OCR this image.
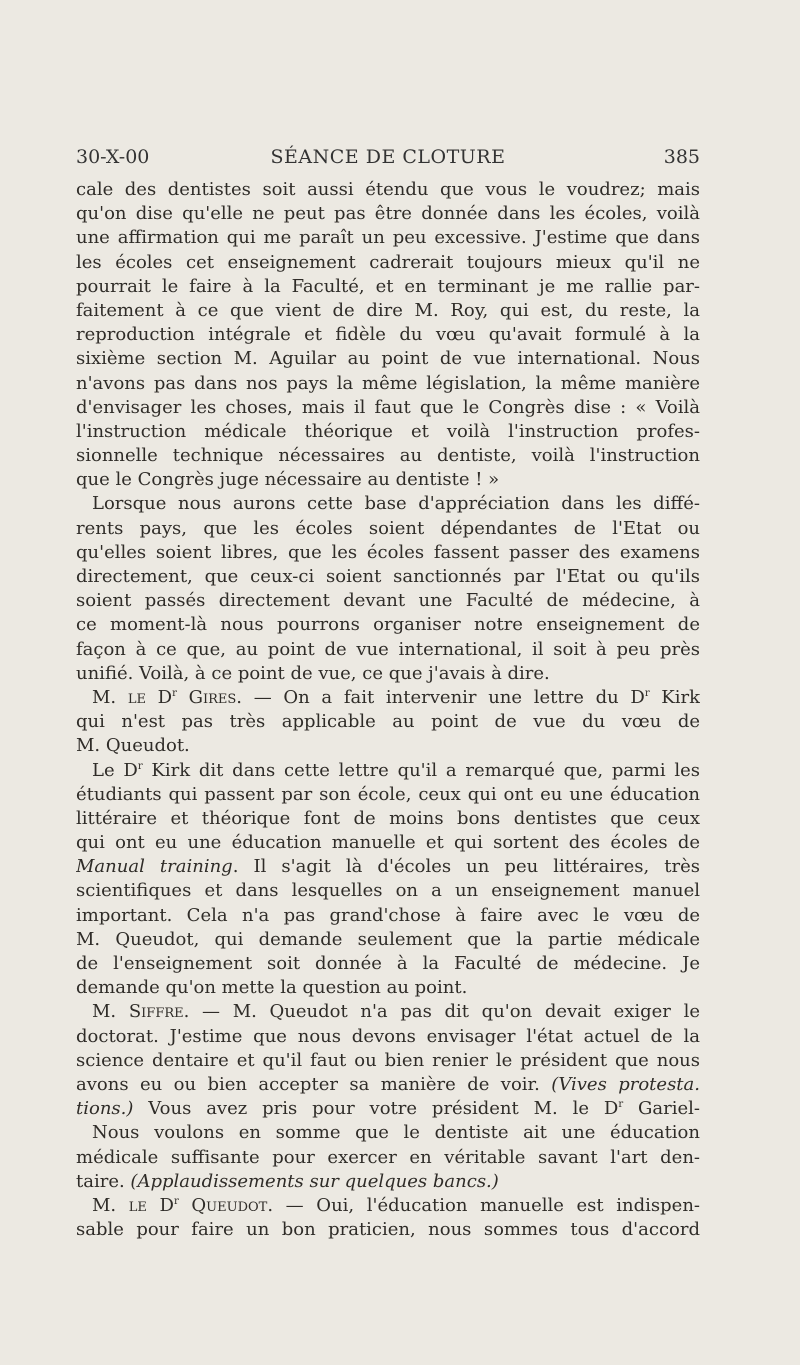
30-X-00	SÉANCE DE CLOTURE	385
cale des dentistes soit aussi étendu que vous le voudrez; mais
qu'on dise qu'elle ne peut pas être donnée dans les écoles, voilà
une affirmation qui me paraît un peu excessive. J'estime que dans
les écoles cet enseignement cadrerait toujours mieux qu'il ne
pourrait le faire à la Faculté, et en terminant je me rallie par-
faitement à ce que vient de dire M. Roy, qui est, du reste, la
reproduction intégrale et fidèle du vœu qu'avait formulé à la
sixième section M. Aguilar au point de vue international. Nous
n'avons pas dans nos pays la même législation, la même manière
d'envisager les choses, mais il faut que le Congrès dise : « Voilà
l'instruction médicale théorique et voilà l'instruction profes-
sionnelle technique nécessaires au dentiste, voilà l'instruction
que le Congrès juge nécessaire au dentiste ! »
Lorsque nous aurons cette base d'appréciation dans les diffé-
rents pays, que les écoles soient dépendantes de l'Etat ou
qu'elles soient libres, que les écoles fassent passer des examens
directement, que ceux-ci soient sanctionnés par l'Etat ou qu'ils
soient passés directement devant une Faculté de médecine, à
ce moment-là nous pourrons organiser notre enseignement de
façon à ce que, au point de vue international, il soit à peu près
unifié. Voilà, à ce point de vue, ce que j'avais à dire.
M. le $D^r$ Gires. — On a fait intervenir une lettre du $D^r$ Kirk
qui n'est pas très applicable au point de vue du vœu de
M. Queudot.
Le $D^r$ Kirk dit dans cette lettre qu'il a remarqué que, parmi les
étudiants qui passent par son école, ceux qui ont eu une éducation
littéraire et théorique font de moins bons dentistes que ceux
qui ont eu une éducation manuelle et qui sortent des écoles de
Manual training. Il s'agit là d'écoles un peu littéraires, très
scientifiques et dans lesquelles on a un enseignement manuel
important. Cela n'a pas grand'chose à faire avec le vœu de
M. Queudot, qui demande seulement que la partie médicale
de l'enseignement soit donnée à la Faculté de médecine. Je
demande qu'on mette la question au point.
M. Siffre. — M. Queudot n'a pas dit qu'on devait exiger le
doctorat. J'estime que nous devons envisager l'état actuel de la
science dentaire et qu'il faut ou bien renier le président que nous
avons eu ou bien accepter sa manière de voir. (Vives protesta.
tions.) Vous avez pris pour votre président M. le $D^r$ Gariel-
Nous voulons en somme que le dentiste ait une éducation
médicale suffisante pour exercer en véritable savant l'art den-
taire. (Applaudissements sur quelques bancs.)
M. le $D^r$ Queudot. — Oui, l'éducation manuelle est indispen-
sable pour faire un bon praticien, nous sommes tous d'accord
